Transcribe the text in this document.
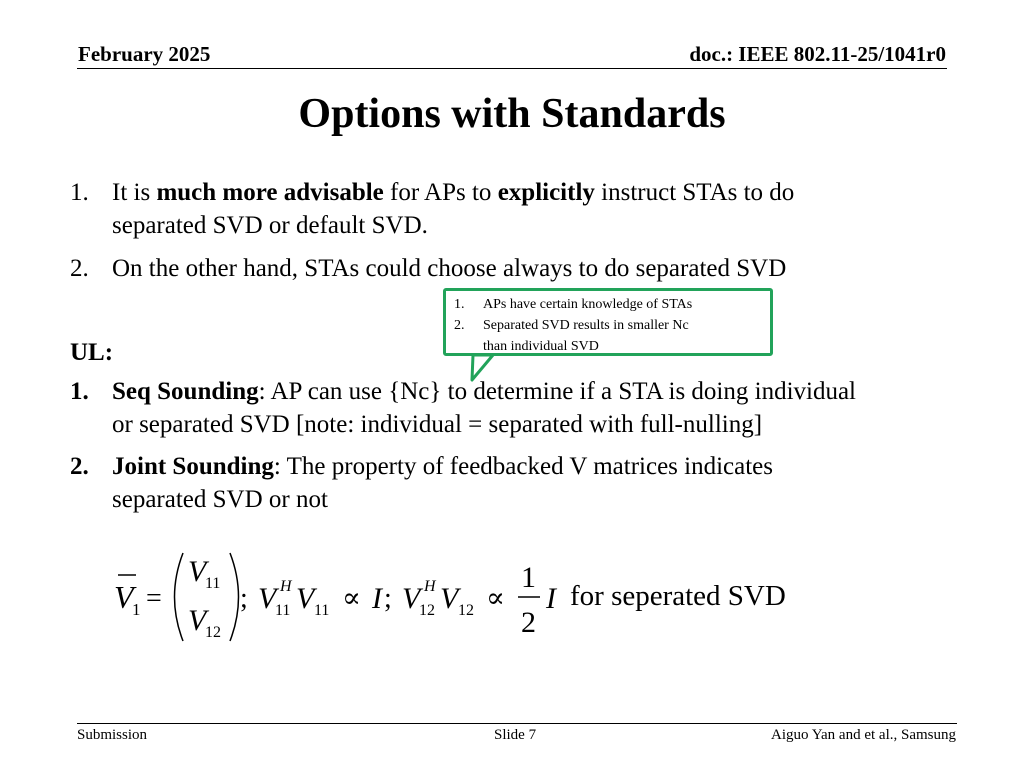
February 2025	doc.: IEEE 802.11-25/1041r0
Options with Standards
1. It is much more advisable for APs to explicitly instruct STAs to do
separated SVD or default SVD.
2. On the other hand, STAs could choose always to do separated SVD
1. APs have certain knowledge of STAs
2. Separated SVD results in smaller Nc
than individual SVD
UL:
1. Seq Sounding: AP can use {Nc} to determine if a STA is doing individual
or separated SVD [note: individual = separated with full-nulling]
2. Joint Sounding: The property of feedbacked V matrices indicates
separated SVD or not
V
1 =
V
11
V
12
; V H
11 V 11 ∝ I ; V H
12 V 12 ∝
1
2
I for seperated SVD
Submission	Slide 7	Aiguo Yan and et al., Samsung
